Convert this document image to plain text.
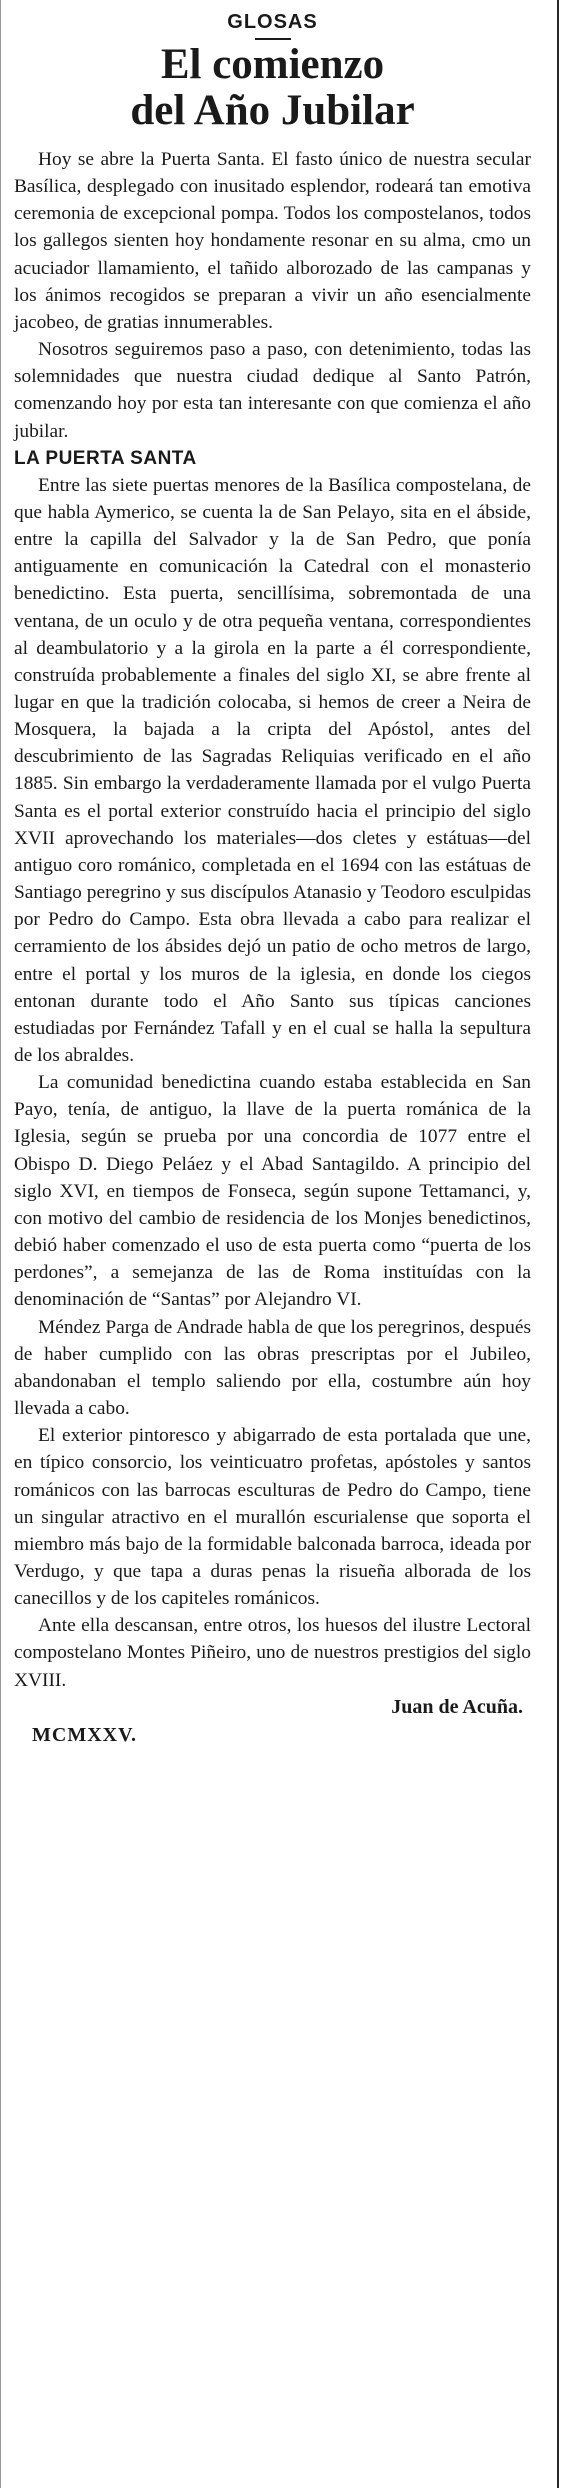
GLOSAS
El comienzo
del Año Jubilar

Hoy se abre la Puerta Santa. El fasto único de nuestra secular Basílica, desplegado con inusitado esplendor, rodeará tan emotiva ceremonia de excepcional pompa. Todos los compostelanos, todos los gallegos sienten hoy hondamente resonar en su alma, cmo un acuciador llamamiento, el tañido alborozado de las campanas y los ánimos recogidos se preparan a vivir un año esencialmente jacobeo, de gratias innumerables.

Nosotros seguiremos paso a paso, con detenimiento, todas las solemnidades que nuestra ciudad dedique al Santo Patrón, comenzando hoy por esta tan interesante con que comienza el año jubilar.

LA PUERTA SANTA

Entre las siete puertas menores de la Basílica compostelana, de que habla Aymerico, se cuenta la de San Pelayo, sita en el ábside, entre la capilla del Salvador y la de San Pedro, que ponía antiguamente en comunicación la Catedral con el monasterio benedictino. Esta puerta, sencillísima, sobremontada de una ventana, de un oculo y de otra pequeña ventana, correspondientes al deambulatorio y a la girola en la parte a él correspondiente, construída probablemente a finales del siglo XI, se abre frente al lugar en que la tradición colocaba, si hemos de creer a Neira de Mosquera, la bajada a la cripta del Apóstol, antes del descubrimiento de las Sagradas Reliquias verificado en el año 1885. Sin embargo la verdaderamente llamada por el vulgo Puerta Santa es el portal exterior construído hacia el principio del siglo XVII aprovechando los materiales—dos cletes y estátuas—del antiguo coro románico, completada en el 1694 con las estátuas de Santiago peregrino y sus discípulos Atanasio y Teodoro esculpidas por Pedro do Campo. Esta obra llevada a cabo para realizar el cerramiento de los ábsides dejó un patio de ocho metros de largo, entre el portal y los muros de la iglesia, en donde los ciegos entonan durante todo el Año Santo sus típicas canciones estudiadas por Fernández Tafall y en el cual se halla la sepultura de los abraldes.

La comunidad benedictina cuando estaba establecida en San Payo, tenía, de antiguo, la llave de la puerta románica de la Iglesia, según se prueba por una concordia de 1077 entre el Obispo D. Diego Peláez y el Abad Santagildo. A principio del siglo XVI, en tiempos de Fonseca, según supone Tettamanci, y, con motivo del cambio de residencia de los Monjes benedictinos, debió haber comenzado el uso de esta puerta como “puerta de los perdones”, a semejanza de las de Roma instituídas con la denominación de “Santas” por Alejandro VI.

Méndez Parga de Andrade habla de que los peregrinos, después de haber cumplido con las obras prescriptas por el Jubileo, abandonaban el templo saliendo por ella, costumbre aún hoy llevada a cabo.

El exterior pintoresco y abigarrado de esta portalada que une, en típico consorcio, los veinticuatro profetas, apóstoles y santos románicos con las barrocas esculturas de Pedro do Campo, tiene un singular atractivo en el murallón escurialense que soporta el miembro más bajo de la formidable balconada barroca, ideada por Verdugo, y que tapa a duras penas la risueña alborada de los canecillos y de los capiteles románicos.

Ante ella descansan, entre otros, los huesos del ilustre Lectoral compostelano Montes Piñeiro, uno de nuestros prestigios del siglo XVIII.

Juan de Acuña.
MCMXXV.
